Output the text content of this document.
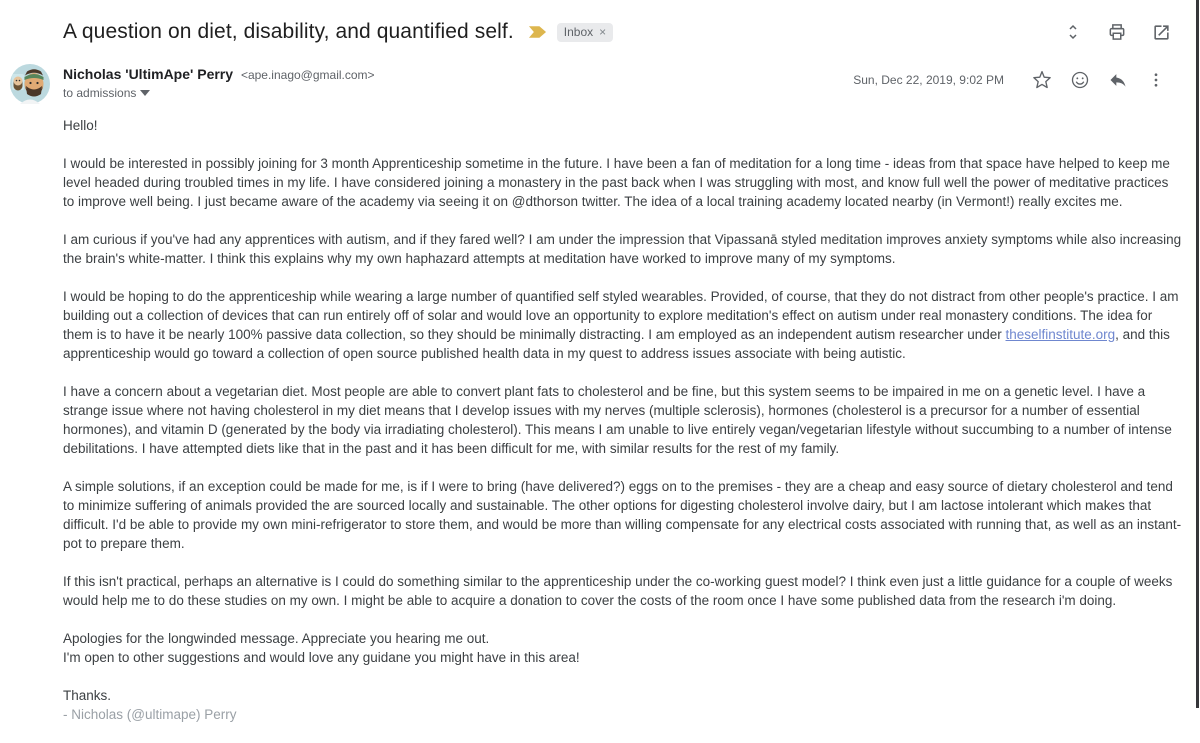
A question on diet, disability, and quantified self.	Inbox ×
Nicholas 'UltimApe' Perry <ape.inago@gmail.com>
to admissions
Sun, Dec 22, 2019, 9:02 PM

Hello!

I would be interested in possibly joining for 3 month Apprenticeship sometime in the future. I have been a fan of meditation for a long time - ideas from that space have helped to keep me level headed during troubled times in my life. I have considered joining a monastery in the past back when I was struggling with most, and know full well the power of meditative practices to improve well being. I just became aware of the academy via seeing it on @dthorson twitter. The idea of a local training academy located nearby (in Vermont!) really excites me.

I am curious if you've had any apprentices with autism, and if they fared well? I am under the impression that Vipassanā styled meditation improves anxiety symptoms while also increasing the brain's white-matter. I think this explains why my own haphazard attempts at meditation have worked to improve many of my symptoms.

I would be hoping to do the apprenticeship while wearing a large number of quantified self styled wearables. Provided, of course, that they do not distract from other people's practice. I am building out a collection of devices that can run entirely off of solar and would love an opportunity to explore meditation's effect on autism under real monastery conditions. The idea for them is to have it be nearly 100% passive data collection, so they should be minimally distracting. I am employed as an independent autism researcher under theselfinstitute.org, and this apprenticeship would go toward a collection of open source published health data in my quest to address issues associate with being autistic.

I have a concern about a vegetarian diet. Most people are able to convert plant fats to cholesterol and be fine, but this system seems to be impaired in me on a genetic level. I have a strange issue where not having cholesterol in my diet means that I develop issues with my nerves (multiple sclerosis), hormones (cholesterol is a precursor for a number of essential hormones), and vitamin D (generated by the body via irradiating cholesterol). This means I am unable to live entirely vegan/vegetarian lifestyle without succumbing to a number of intense debilitations. I have attempted diets like that in the past and it has been difficult for me, with similar results for the rest of my family.

A simple solutions, if an exception could be made for me, is if I were to bring (have delivered?) eggs on to the premises - they are a cheap and easy source of dietary cholesterol and tend to minimize suffering of animals provided the are sourced locally and sustainable. The other options for digesting cholesterol involve dairy, but I am lactose intolerant which makes that difficult. I'd be able to provide my own mini-refrigerator to store them, and would be more than willing compensate for any electrical costs associated with running that, as well as an instant-pot to prepare them.

If this isn't practical, perhaps an alternative is I could do something similar to the apprenticeship under the co-working guest model? I think even just a little guidance for a couple of weeks would help me to do these studies on my own. I might be able to acquire a donation to cover the costs of the room once I have some published data from the research i'm doing.

Apologies for the longwinded message. Appreciate you hearing me out.
I'm open to other suggestions and would love any guidane you might have in this area!

Thanks.
- Nicholas (@ultimape) Perry
